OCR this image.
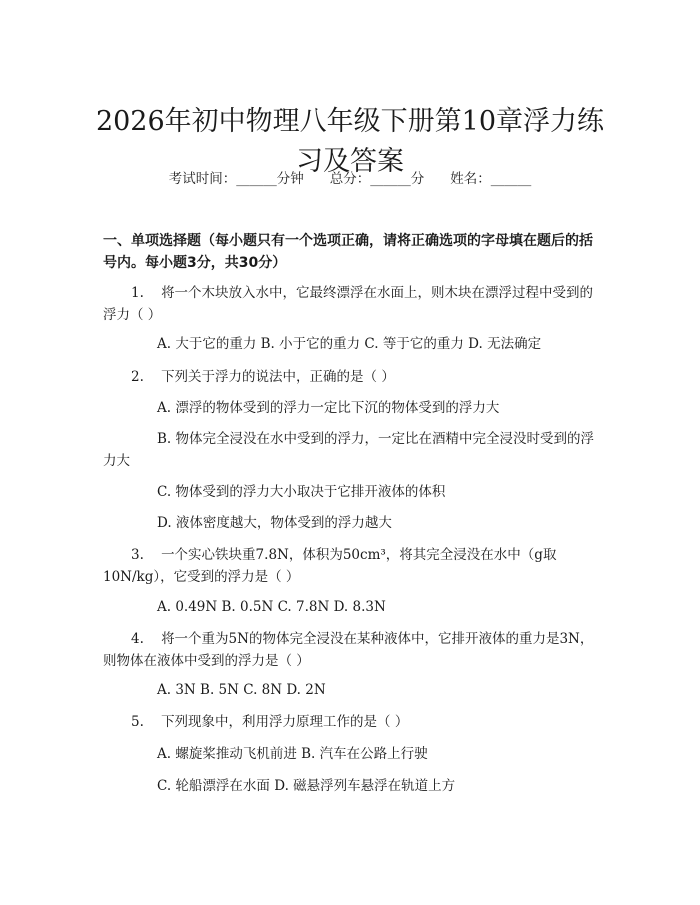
2026年初中物理八年级下册第10章浮力练
习及答案
考试时间：______分钟 总分：______分 姓名：______
一、单项选择题（每小题只有一个选项正确，请将正确选项的字母填在题后的括号内。每小题3分，共30分）
1. 将一个木块放入水中，它最终漂浮在水面上，则木块在漂浮过程中受到的浮力（ ）
A. 大于它的重力 B. 小于它的重力 C. 等于它的重力 D. 无法确定
2. 下列关于浮力的说法中，正确的是（ ）
A. 漂浮的物体受到的浮力一定比下沉的物体受到的浮力大
B. 物体完全浸没在水中受到的浮力，一定比在酒精中完全浸没时受到的浮力大
C. 物体受到的浮力大小取决于它排开液体的体积
D. 液体密度越大，物体受到的浮力越大
3. 一个实心铁块重7.8N，体积为50cm³，将其完全浸没在水中（g取10N/kg），它受到的浮力是（ ）
A. 0.49N B. 0.5N C. 7.8N D. 8.3N
4. 将一个重为5N的物体完全浸没在某种液体中，它排开液体的重力是3N，则物体在液体中受到的浮力是（ ）
A. 3N B. 5N C. 8N D. 2N
5. 下列现象中，利用浮力原理工作的是（ ）
A. 螺旋桨推动飞机前进 B. 汽车在公路上行驶
C. 轮船漂浮在水面 D. 磁悬浮列车悬浮在轨道上方
